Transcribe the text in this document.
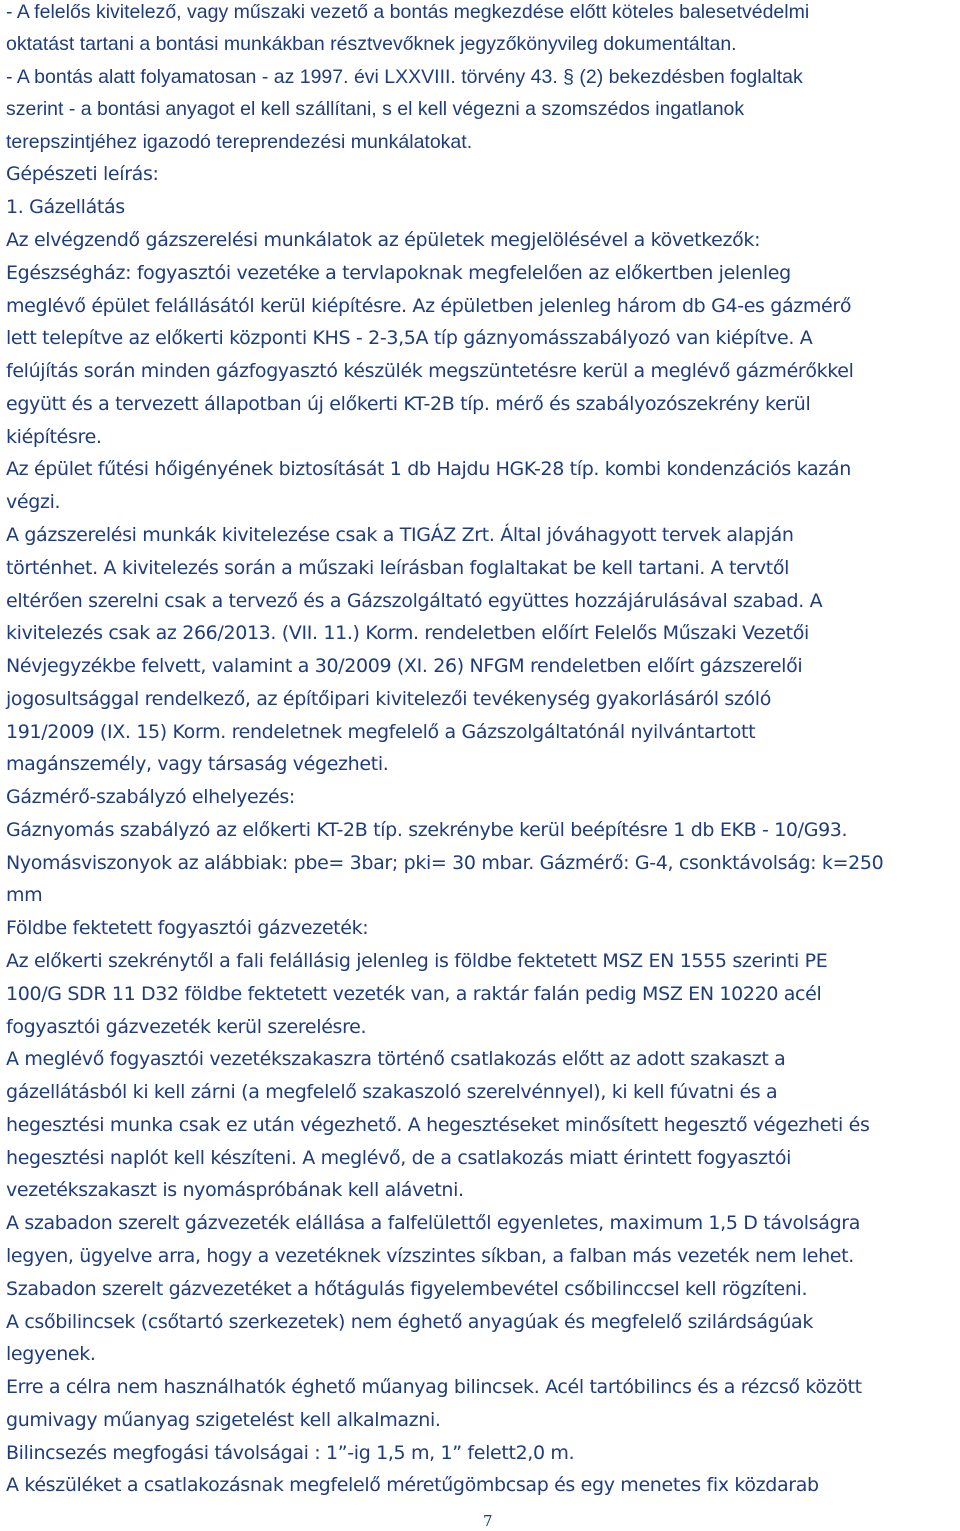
- A felelős kivitelező, vagy műszaki vezető a bontás megkezdése előtt köteles balesetvédelmi
oktatást tartani a bontási munkákban résztvevőknek jegyzőkönyvileg dokumentáltan.
- A bontás alatt folyamatosan - az 1997. évi LXXVIII. törvény 43. § (2) bekezdésben foglaltak
szerint - a bontási anyagot el kell szállítani, s el kell végezni a szomszédos ingatlanok
terepszintjéhez igazodó tereprendezési munkálatokat.
Gépészeti leírás:
1. Gázellátás
Az elvégzendő gázszerelési munkálatok az épületek megjelölésével a következők:
Egészségház: fogyasztói vezetéke a tervlapoknak megfelelően az előkertben jelenleg
meglévő épület felállásától kerül kiépítésre. Az épületben jelenleg három db G4-es gázmérő
lett telepítve az előkerti központi KHS - 2-3,5A típ gáznyomásszabályozó van kiépítve. A
felújítás során minden gázfogyasztó készülék megszüntetésre kerül a meglévő gázmérőkkel
együtt és a tervezett állapotban új előkerti KT-2B típ. mérő és szabályozószekrény kerül
kiépítésre.
Az épület fűtési hőigényének biztosítását 1 db Hajdu HGK-28 típ. kombi kondenzációs kazán
végzi.
A gázszerelési munkák kivitelezése csak a TIGÁZ Zrt. Által jóváhagyott tervek alapján
történhet. A kivitelezés során a műszaki leírásban foglaltakat be kell tartani. A tervtől
eltérően szerelni csak a tervező és a Gázszolgáltató együttes hozzájárulásával szabad. A
kivitelezés csak az 266/2013. (VII. 11.) Korm. rendeletben előírt Felelős Műszaki Vezetői
Névjegyzékbe felvett, valamint a 30/2009 (XI. 26) NFGM rendeletben előírt gázszerelői
jogosultsággal rendelkező, az építőipari kivitelezői tevékenység gyakorlásáról szóló
191/2009 (IX. 15) Korm. rendeletnek megfelelő a Gázszolgáltatónál nyilvántartott
magánszemély, vagy társaság végezheti.
Gázmérő-szabályzó elhelyezés:
Gáznyomás szabályzó az előkerti KT-2B típ. szekrénybe kerül beépítésre 1 db EKB - 10/G93.
Nyomásviszonyok az alábbiak: pbe= 3bar; pki= 30 mbar. Gázmérő: G-4, csonktávolság: k=250
mm
Földbe fektetett fogyasztói gázvezeték:
Az előkerti szekrénytől a fali felállásig jelenleg is földbe fektetett MSZ EN 1555 szerinti PE
100/G SDR 11 D32 földbe fektetett vezeték van, a raktár falán pedig MSZ EN 10220 acél
fogyasztói gázvezeték kerül szerelésre.
A meglévő fogyasztói vezetékszakaszra történő csatlakozás előtt az adott szakaszt a
gázellátásból ki kell zárni (a megfelelő szakaszoló szerelvénnyel), ki kell fúvatni és a
hegesztési munka csak ez után végezhető. A hegesztéseket minősített hegesztő végezheti és
hegesztési naplót kell készíteni. A meglévő, de a csatlakozás miatt érintett fogyasztói
vezetékszakaszt is nyomáspróbának kell alávetni.
A szabadon szerelt gázvezeték elállása a falfelülettől egyenletes, maximum 1,5 D távolságra
legyen, ügyelve arra, hogy a vezetéknek vízszintes síkban, a falban más vezeték nem lehet.
Szabadon szerelt gázvezetéket a hőtágulás figyelembevétel csőbilinccsel kell rögzíteni.
A csőbilincsek (csőtartó szerkezetek) nem éghető anyagúak és megfelelő szilárdságúak
legyenek.
Erre a célra nem használhatók éghető műanyag bilincsek. Acél tartóbilincs és a rézcső között
gumivagy műanyag szigetelést kell alkalmazni.
Bilincsezés megfogási távolságai : 1”-ig 1,5 m, 1” felett2,0 m.
A készüléket a csatlakozásnak megfelelő méretűgömbcsap és egy menetes fix közdarab
7
